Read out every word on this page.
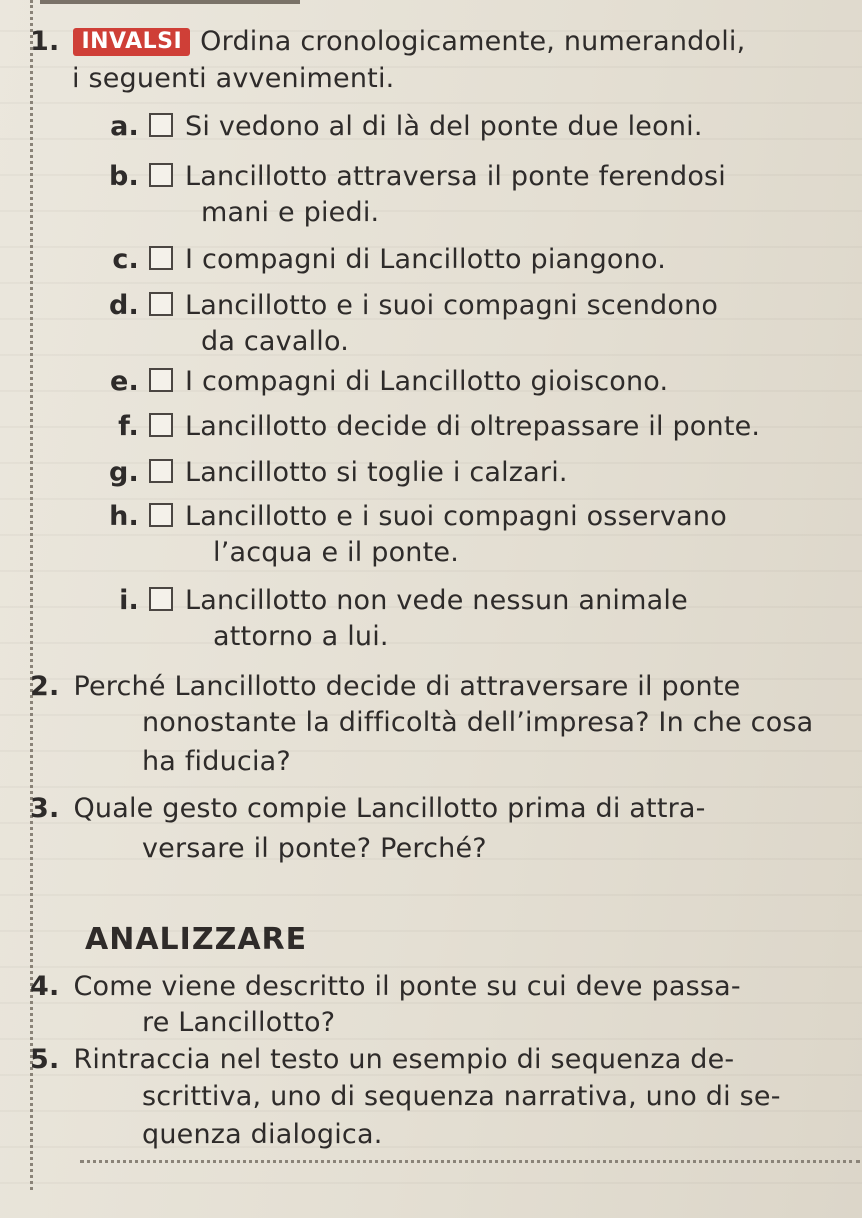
1. INVALSI Ordina cronologicamente, numerandoli,
i seguenti avvenimenti.
a. Si vedono al di là del ponte due leoni.
b. Lancillotto attraversa il ponte ferendosi
mani e piedi.
c. I compagni di Lancillotto piangono.
d. Lancillotto e i suoi compagni scendono
da cavallo.
e. I compagni di Lancillotto gioiscono.
f. Lancillotto decide di oltrepassare il ponte.
g. Lancillotto si toglie i calzari.
h. Lancillotto e i suoi compagni osservano
l’acqua e il ponte.
i. Lancillotto non vede nessun animale
attorno a lui.
2. Perché Lancillotto decide di attraversare il ponte
nonostante la difficoltà dell’impresa? In che cosa
ha fiducia?
3. Quale gesto compie Lancillotto prima di attra-
versare il ponte? Perché?
ANALIZZARE
4. Come viene descritto il ponte su cui deve passa-
re Lancillotto?
5. Rintraccia nel testo un esempio di sequenza de-
scrittiva, uno di sequenza narrativa, uno di se-
quenza dialogica.
